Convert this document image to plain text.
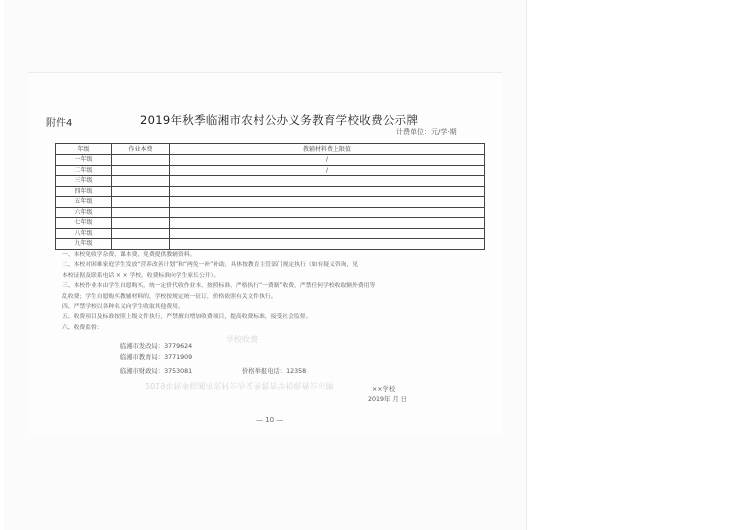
附件4	2019年秋季临湘市农村公办义务教育学校收费公示牌
计费单位：元/学·期
年级	作业本费	教辅材料费上限值
一年级		/
二年级		/
三年级		
四年级		
五年级		
六年级		
七年级		
八年级		
九年级		

一、本校免收学杂费、课本费，免费提供教辅资料。

二、本校对困难家庭学生发放“营养改善计划”和“两免一补”补助，具体按教育主管部门规定执行（如有疑义咨询，见

本校证据及联系电话 × × 学校。收费标准向学生家长公开）。

三、本校作业本由学生自愿购买，统一定价代收作业本，按照标准，严格执行“一费制”收费，严禁任何学校收取额外费用等

乱收费；学生自愿购买教辅材料的，学校按规定统一征订，价格依照有关文件执行。

四、严禁学校以各种名义向学生收取其他费用。

五、收费项目及标准按照上级文件执行，严禁擅自增加收费项目，提高收费标准，接受社会监督。

六、收费监督：

学校收费
临湘市发改局：3779624
临湘市教育局：3771909
临湘市财政局：3753081	价格举报电话：12358
2019年秋季临湘市农村公办义务教育学校收费公示牌	××学校
2019年 月 日
— 10 —
